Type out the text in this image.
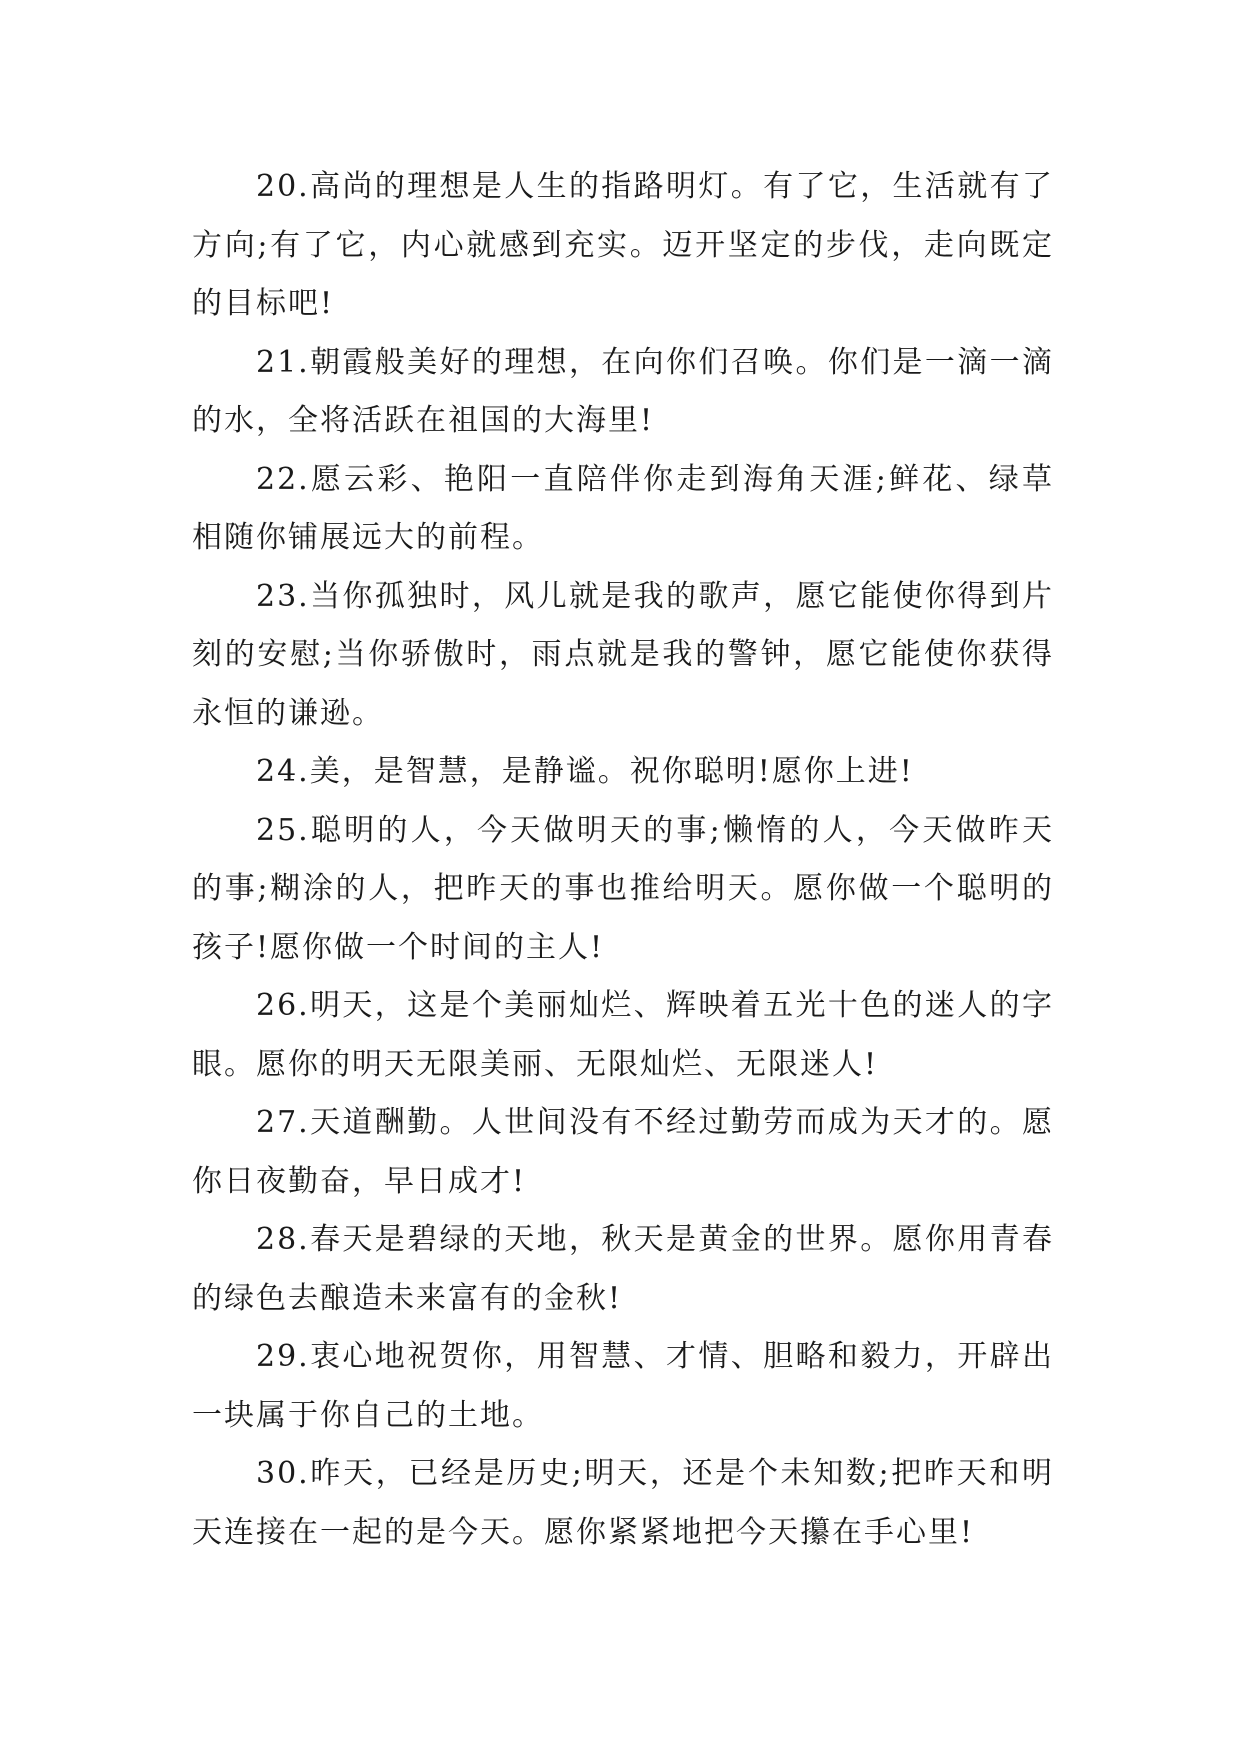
20.高尚的理想是人生的指路明灯。有了它，生活就有了方向;有了它，内心就感到充实。迈开坚定的步伐，走向既定的目标吧!

21.朝霞般美好的理想，在向你们召唤。你们是一滴一滴的水，全将活跃在祖国的大海里!

22.愿云彩、艳阳一直陪伴你走到海角天涯;鲜花、绿草相随你铺展远大的前程。

23.当你孤独时，风儿就是我的歌声，愿它能使你得到片刻的安慰;当你骄傲时，雨点就是我的警钟，愿它能使你获得永恒的谦逊。

24.美，是智慧，是静谧。祝你聪明!愿你上进!

25.聪明的人，今天做明天的事;懒惰的人，今天做昨天的事;糊涂的人，把昨天的事也推给明天。愿你做一个聪明的孩子!愿你做一个时间的主人!

26.明天，这是个美丽灿烂、辉映着五光十色的迷人的字眼。愿你的明天无限美丽、无限灿烂、无限迷人!

27.天道酬勤。人世间没有不经过勤劳而成为天才的。愿你日夜勤奋，早日成才!

28.春天是碧绿的天地，秋天是黄金的世界。愿你用青春的绿色去酿造未来富有的金秋!

29.衷心地祝贺你，用智慧、才情、胆略和毅力，开辟出一块属于你自己的土地。

30.昨天，已经是历史;明天，还是个未知数;把昨天和明天连接在一起的是今天。愿你紧紧地把今天攥在手心里!
